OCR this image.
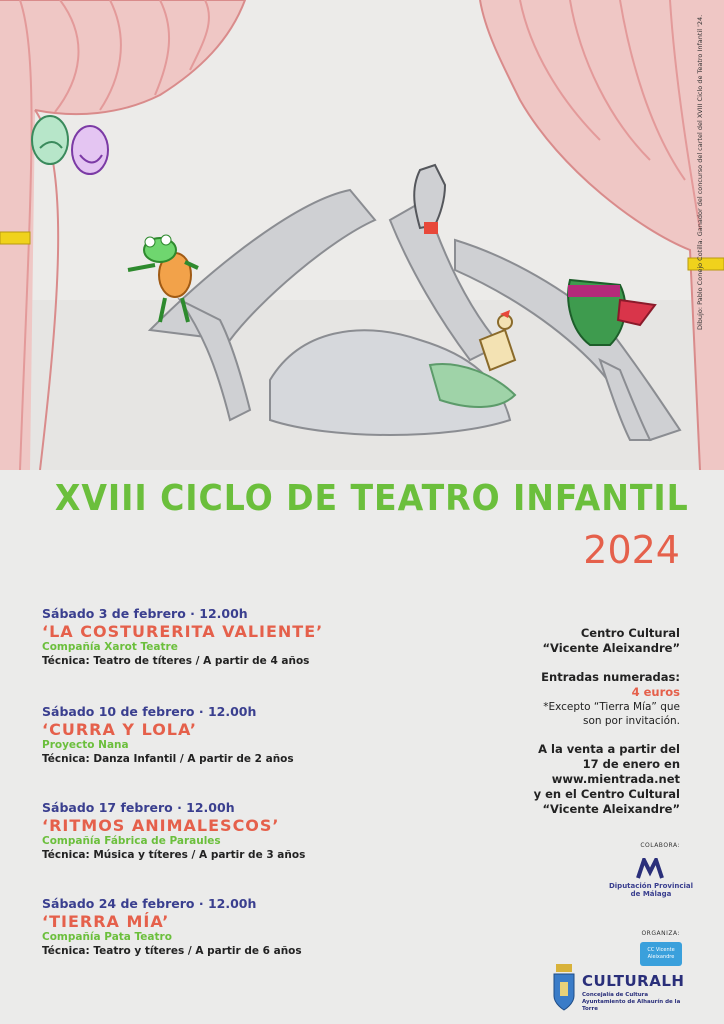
Dibujo: Pablo Conejo Cotilla. Ganador del concurso del cartel del XVIII Ciclo de Teatro Infantil '24.
XVIII CICLO DE TEATRO INFANTIL
2024
Sábado 3 de febrero · 12.00h
‘LA COSTURERITA VALIENTE’
Compañía Xarot Teatre
Técnica: Teatro de títeres / A partir de 4 años
Sábado 10 de febrero · 12.00h
‘CURRA Y LOLA’
Proyecto Nana
Técnica: Danza Infantil / A partir de 2 años
Sábado 17 febrero · 12.00h
‘RITMOS ANIMALESCOS’
Compañía Fábrica de Paraules
Técnica: Música y títeres / A partir de 3 años
Sábado 24 de febrero · 12.00h
‘TIERRA MÍA’
Compañía Pata Teatro
Técnica: Teatro y títeres / A partir de 6 años
Centro Cultural
“Vicente Aleixandre”
Entradas numeradas:
4 euros
*Excepto “Tierra Mía” que
son por invitación.
A la venta a partir del
17 de enero en
www.mientrada.net
y en el Centro Cultural
“Vicente Aleixandre”
COLABORA:
Diputación Provincial
de Málaga
ORGANIZA:
CC Vicente
Aleixandre
CULTURALH
Concejalía de Cultura
Ayuntamiento de Alhaurín de la Torre
